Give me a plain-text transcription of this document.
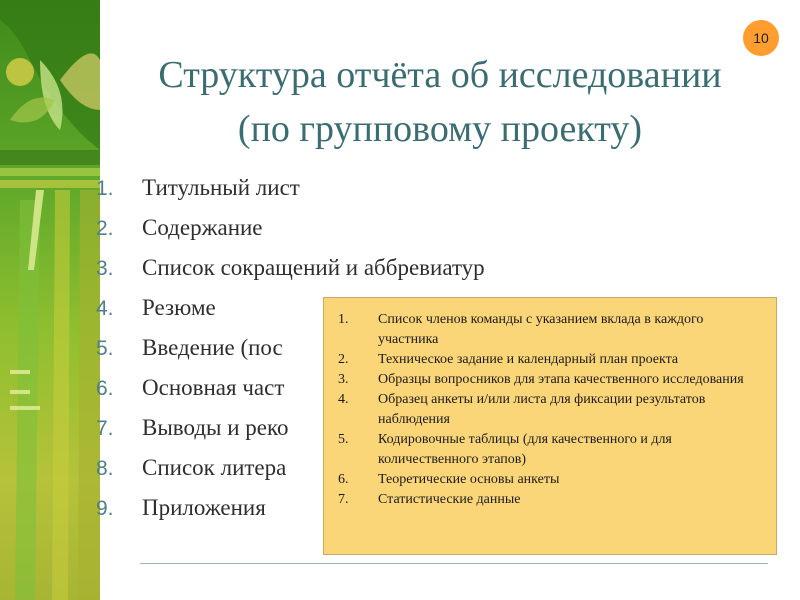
10
Структура отчёта об исследовании
(по групповому проекту)
1. Титульный лист
2. Содержание
3. Список сокращений и аббревиатур
4. Резюме
5. Введение (пос
6. Основная част
7. Выводы и реко
8. Список литера
9. Приложения
1. Список членов команды с указанием вклада в каждого участника
2. Техническое задание и календарный план проекта
3. Образцы вопросников для этапа качественного исследования
4. Образец анкеты и/или листа для фиксации результатов наблюдения
5. Кодировочные таблицы (для качественного и для количественного этапов)
6. Теоретические основы анкеты
7. Статистические данные
